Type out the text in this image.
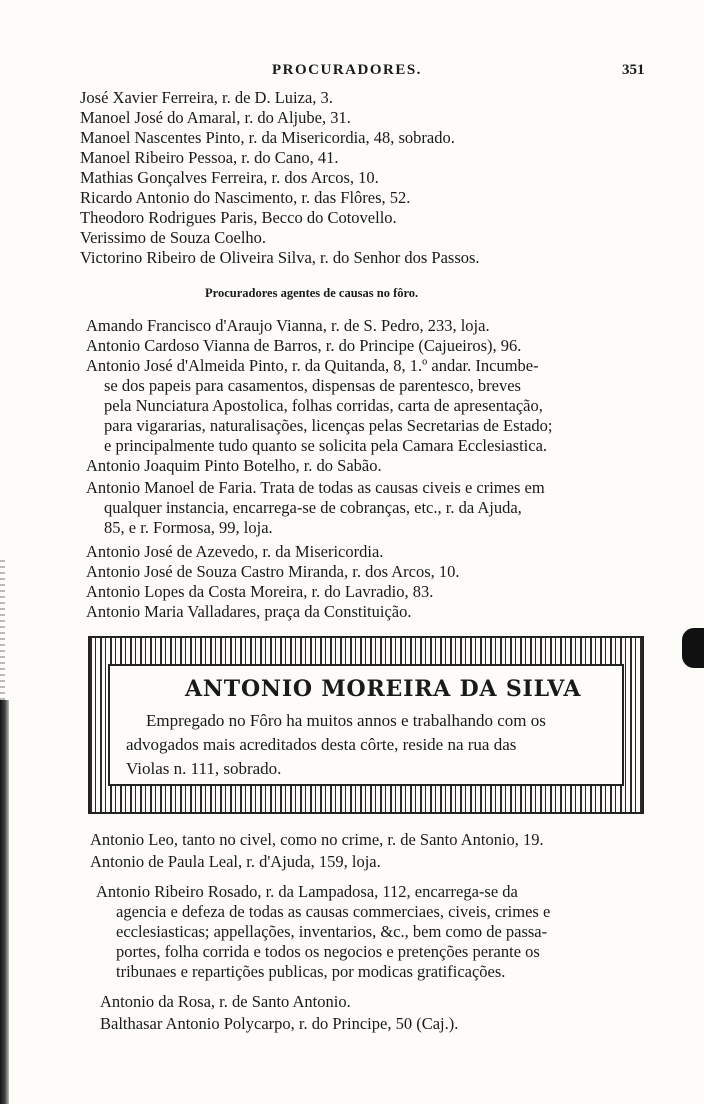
PROCURADORES.	351
José Xavier Ferreira, r. de D. Luiza, 3.
Manoel José do Amaral, r. do Aljube, 31.
Manoel Nascentes Pinto, r. da Misericordia, 48, sobrado.
Manoel Ribeiro Pessoa, r. do Cano, 41.
Mathias Gonçalves Ferreira, r. dos Arcos, 10.
Ricardo Antonio do Nascimento, r. das Flôres, 52.
Theodoro Rodrigues Paris, Becco do Cotovello.
Verissimo de Souza Coelho.
Victorino Ribeiro de Oliveira Silva, r. do Senhor dos Passos.
Procuradores agentes de causas no fôro.
Amando Francisco d'Araujo Vianna, r. de S. Pedro, 233, loja.
Antonio Cardoso Vianna de Barros, r. do Principe (Cajueiros), 96.
Antonio José d'Almeida Pinto, r. da Quitanda, 8, 1.º andar. Incumbe-
se dos papeis para casamentos, dispensas de parentesco, breves
pela Nunciatura Apostolica, folhas corridas, carta de apresentação,
para vigararias, naturalisações, licenças pelas Secretarias de Estado;
e principalmente tudo quanto se solicita pela Camara Ecclesiastica.
Antonio Joaquim Pinto Botelho, r. do Sabão.
Antonio Manoel de Faria. Trata de todas as causas civeis e crimes em
qualquer instancia, encarrega-se de cobranças, etc., r. da Ajuda,
85, e r. Formosa, 99, loja.
Antonio José de Azevedo, r. da Misericordia.
Antonio José de Souza Castro Miranda, r. dos Arcos, 10.
Antonio Lopes da Costa Moreira, r. do Lavradio, 83.
Antonio Maria Valladares, praça da Constituição.
ANTONIO MOREIRA DA SILVA
Empregado no Fôro ha muitos annos e trabalhando com os
advogados mais acreditados desta côrte, reside na rua das
Violas n. 111, sobrado.
Antonio Leo, tanto no civel, como no crime, r. de Santo Antonio, 19.
Antonio de Paula Leal, r. d'Ajuda, 159, loja.
Antonio Ribeiro Rosado, r. da Lampadosa, 112, encarrega-se da
agencia e defeza de todas as causas commerciaes, civeis, crimes e
ecclesiasticas; appellações, inventarios, &c., bem como de passa-
portes, folha corrida e todos os negocios e pretenções perante os
tribunaes e repartições publicas, por modicas gratificações.
Antonio da Rosa, r. de Santo Antonio.
Balthasar Antonio Polycarpo, r. do Principe, 50 (Caj.).
